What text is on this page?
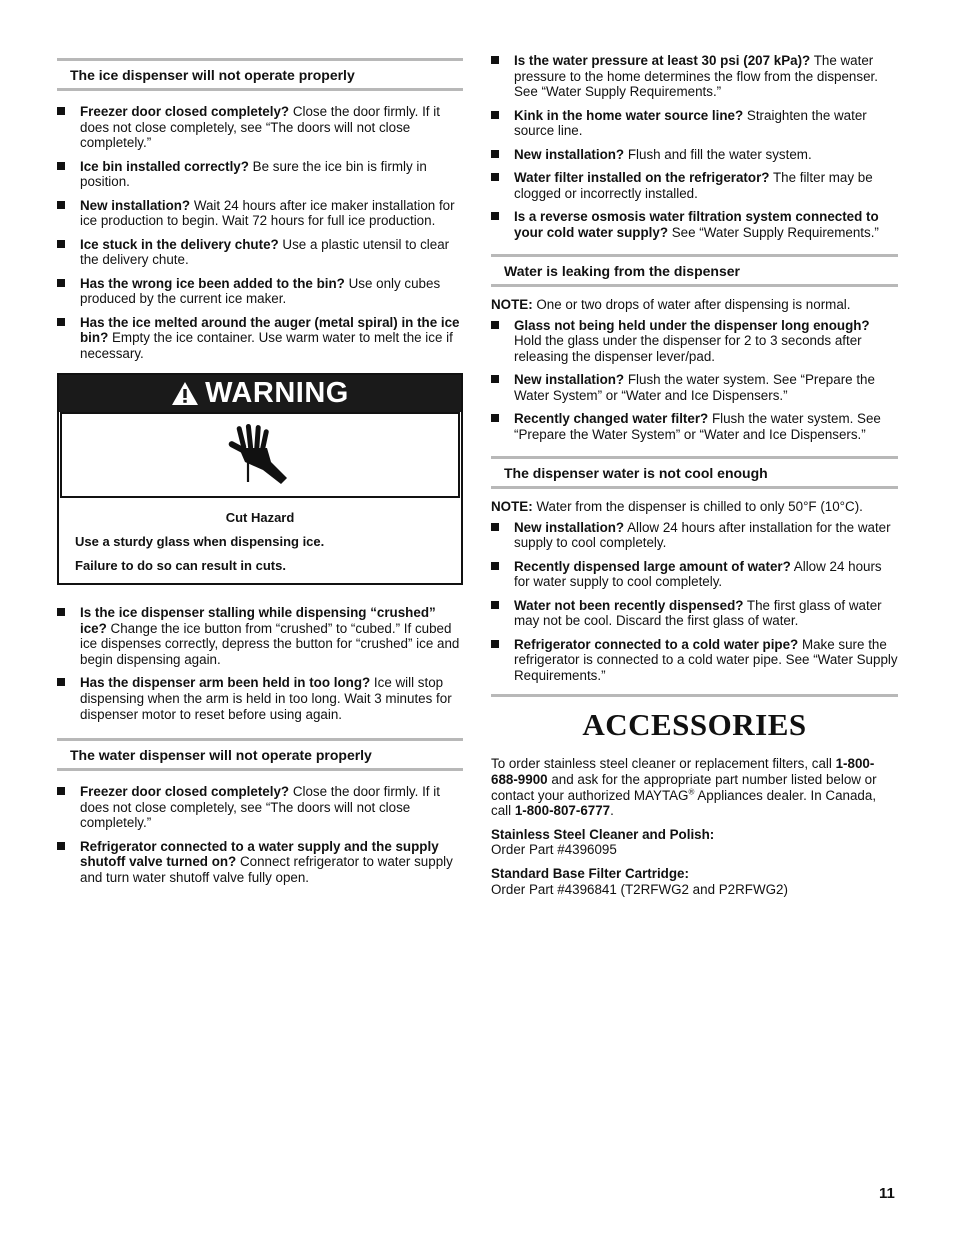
The ice dispenser will not operate properly
Freezer door closed completely? Close the door firmly. If it does not close completely, see “The doors will not close completely.”
Ice bin installed correctly? Be sure the ice bin is firmly in position.
New installation? Wait 24 hours after ice maker installation for ice production to begin. Wait 72 hours for full ice production.
Ice stuck in the delivery chute? Use a plastic utensil to clear the delivery chute.
Has the wrong ice been added to the bin? Use only cubes produced by the current ice maker.
Has the ice melted around the auger (metal spiral) in the ice bin? Empty the ice container. Use warm water to melt the ice if necessary.
WARNING
Cut Hazard
Use a sturdy glass when dispensing ice.
Failure to do so can result in cuts.
Is the ice dispenser stalling while dispensing “crushed” ice? Change the ice button from “crushed” to “cubed.” If cubed ice dispenses correctly, depress the button for “crushed” ice and begin dispensing again.
Has the dispenser arm been held in too long? Ice will stop dispensing when the arm is held in too long. Wait 3 minutes for dispenser motor to reset before using again.
The water dispenser will not operate properly
Freezer door closed completely? Close the door firmly. If it does not close completely, see “The doors will not close completely.”
Refrigerator connected to a water supply and the supply shutoff valve turned on? Connect refrigerator to water supply and turn water shutoff valve fully open.
Is the water pressure at least 30 psi (207 kPa)? The water pressure to the home determines the flow from the dispenser. See “Water Supply Requirements.”
Kink in the home water source line? Straighten the water source line.
New installation? Flush and fill the water system.
Water filter installed on the refrigerator? The filter may be clogged or incorrectly installed.
Is a reverse osmosis water filtration system connected to your cold water supply? See “Water Supply Requirements.”
Water is leaking from the dispenser

NOTE: One or two drops of water after dispensing is normal.

Glass not being held under the dispenser long enough? Hold the glass under the dispenser for 2 to 3 seconds after releasing the dispenser lever/pad.
New installation? Flush the water system. See “Prepare the Water System” or “Water and Ice Dispensers.”
Recently changed water filter? Flush the water system. See “Prepare the Water System” or “Water and Ice Dispensers.”
The dispenser water is not cool enough

NOTE: Water from the dispenser is chilled to only 50°F (10°C).

New installation? Allow 24 hours after installation for the water supply to cool completely.
Recently dispensed large amount of water? Allow 24 hours for water supply to cool completely.
Water not been recently dispensed? The first glass of water may not be cool. Discard the first glass of water.
Refrigerator connected to a cold water pipe? Make sure the refrigerator is connected to a cold water pipe. See “Water Supply Requirements.”
ACCESSORIES

To order stainless steel cleaner or replacement filters, call 1-800-688-9900 and ask for the appropriate part number listed below or contact your authorized MAYTAG® Appliances dealer. In Canada, call 1-800-807-6777.

Stainless Steel Cleaner and Polish:
Order Part #4396095

Standard Base Filter Cartridge:
Order Part #4396841 (T2RFWG2 and P2RFWG2)

11
